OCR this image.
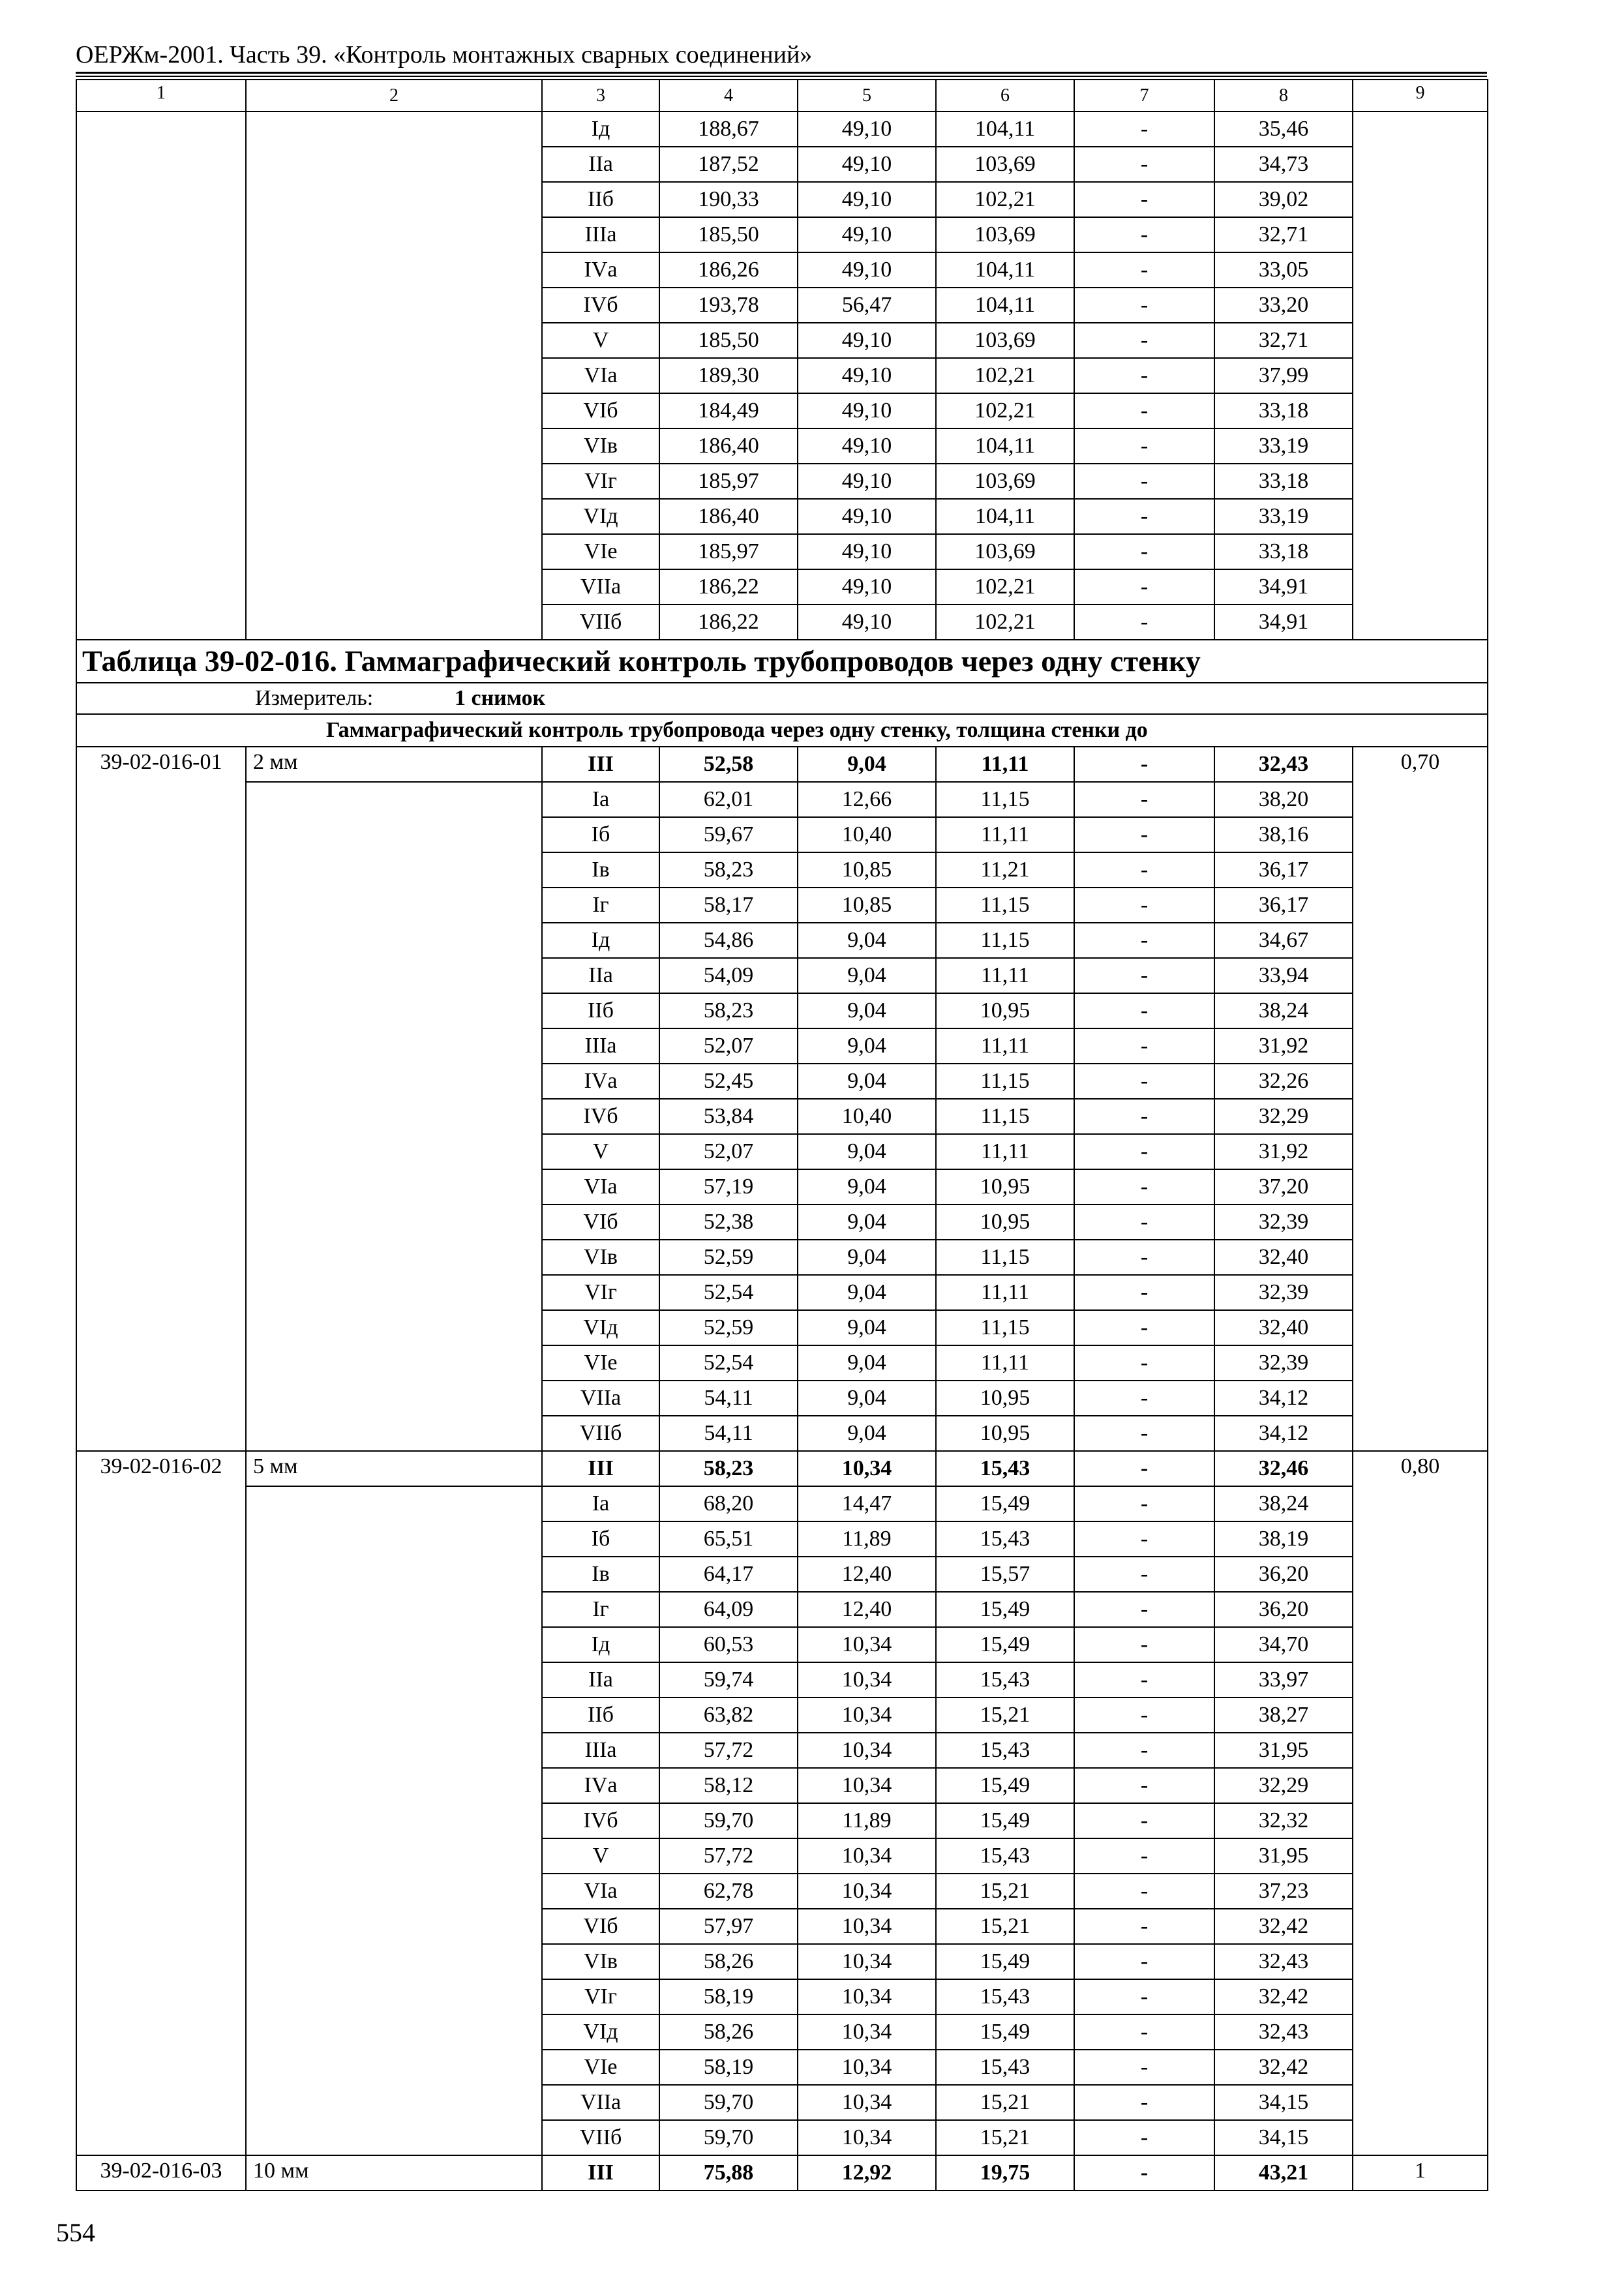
ОЕРЖм-2001. Часть 39. «Контроль монтажных сварных соединений»
1	2	3	4	5	6	7	8	9
		Iд	188,67	49,10	104,11	-	35,46	
		IIа	187,52	49,10	103,69	-	34,73	
		IIб	190,33	49,10	102,21	-	39,02	
		IIIа	185,50	49,10	103,69	-	32,71	
		IVа	186,26	49,10	104,11	-	33,05	
		IVб	193,78	56,47	104,11	-	33,20	
		V	185,50	49,10	103,69	-	32,71	
		VIа	189,30	49,10	102,21	-	37,99	
		VIб	184,49	49,10	102,21	-	33,18	
		VIв	186,40	49,10	104,11	-	33,19	
		VIг	185,97	49,10	103,69	-	33,18	
		VIд	186,40	49,10	104,11	-	33,19	
		VIе	185,97	49,10	103,69	-	33,18	
		VIIа	186,22	49,10	102,21	-	34,91	
		VIIб	186,22	49,10	102,21	-	34,91	
Таблица 39-02-016. Гаммаграфический контроль трубопроводов через одну стенку								
Измеритель: 1 снимок								
Гаммаграфический контроль трубопровода через одну стенку, толщина стенки до								
39-02-016-01	2 мм	III	52,58	9,04	11,11	-	32,43	0,70
		Iа	62,01	12,66	11,15	-	38,20	
		Iб	59,67	10,40	11,11	-	38,16	
		Iв	58,23	10,85	11,21	-	36,17	
		Iг	58,17	10,85	11,15	-	36,17	
		Iд	54,86	9,04	11,15	-	34,67	
		IIа	54,09	9,04	11,11	-	33,94	
		IIб	58,23	9,04	10,95	-	38,24	
		IIIа	52,07	9,04	11,11	-	31,92	
		IVа	52,45	9,04	11,15	-	32,26	
		IVб	53,84	10,40	11,15	-	32,29	
		V	52,07	9,04	11,11	-	31,92	
		VIа	57,19	9,04	10,95	-	37,20	
		VIб	52,38	9,04	10,95	-	32,39	
		VIв	52,59	9,04	11,15	-	32,40	
		VIг	52,54	9,04	11,11	-	32,39	
		VIд	52,59	9,04	11,15	-	32,40	
		VIе	52,54	9,04	11,11	-	32,39	
		VIIа	54,11	9,04	10,95	-	34,12	
		VIIб	54,11	9,04	10,95	-	34,12	
39-02-016-02	5 мм	III	58,23	10,34	15,43	-	32,46	0,80
		Iа	68,20	14,47	15,49	-	38,24	
		Iб	65,51	11,89	15,43	-	38,19	
		Iв	64,17	12,40	15,57	-	36,20	
		Iг	64,09	12,40	15,49	-	36,20	
		Iд	60,53	10,34	15,49	-	34,70	
		IIа	59,74	10,34	15,43	-	33,97	
		IIб	63,82	10,34	15,21	-	38,27	
		IIIа	57,72	10,34	15,43	-	31,95	
		IVа	58,12	10,34	15,49	-	32,29	
		IVб	59,70	11,89	15,49	-	32,32	
		V	57,72	10,34	15,43	-	31,95	
		VIа	62,78	10,34	15,21	-	37,23	
		VIб	57,97	10,34	15,21	-	32,42	
		VIв	58,26	10,34	15,49	-	32,43	
		VIг	58,19	10,34	15,43	-	32,42	
		VIд	58,26	10,34	15,49	-	32,43	
		VIе	58,19	10,34	15,43	-	32,42	
		VIIа	59,70	10,34	15,21	-	34,15	
		VIIб	59,70	10,34	15,21	-	34,15	
39-02-016-03	10 мм	III	75,88	12,92	19,75	-	43,21	1
554
